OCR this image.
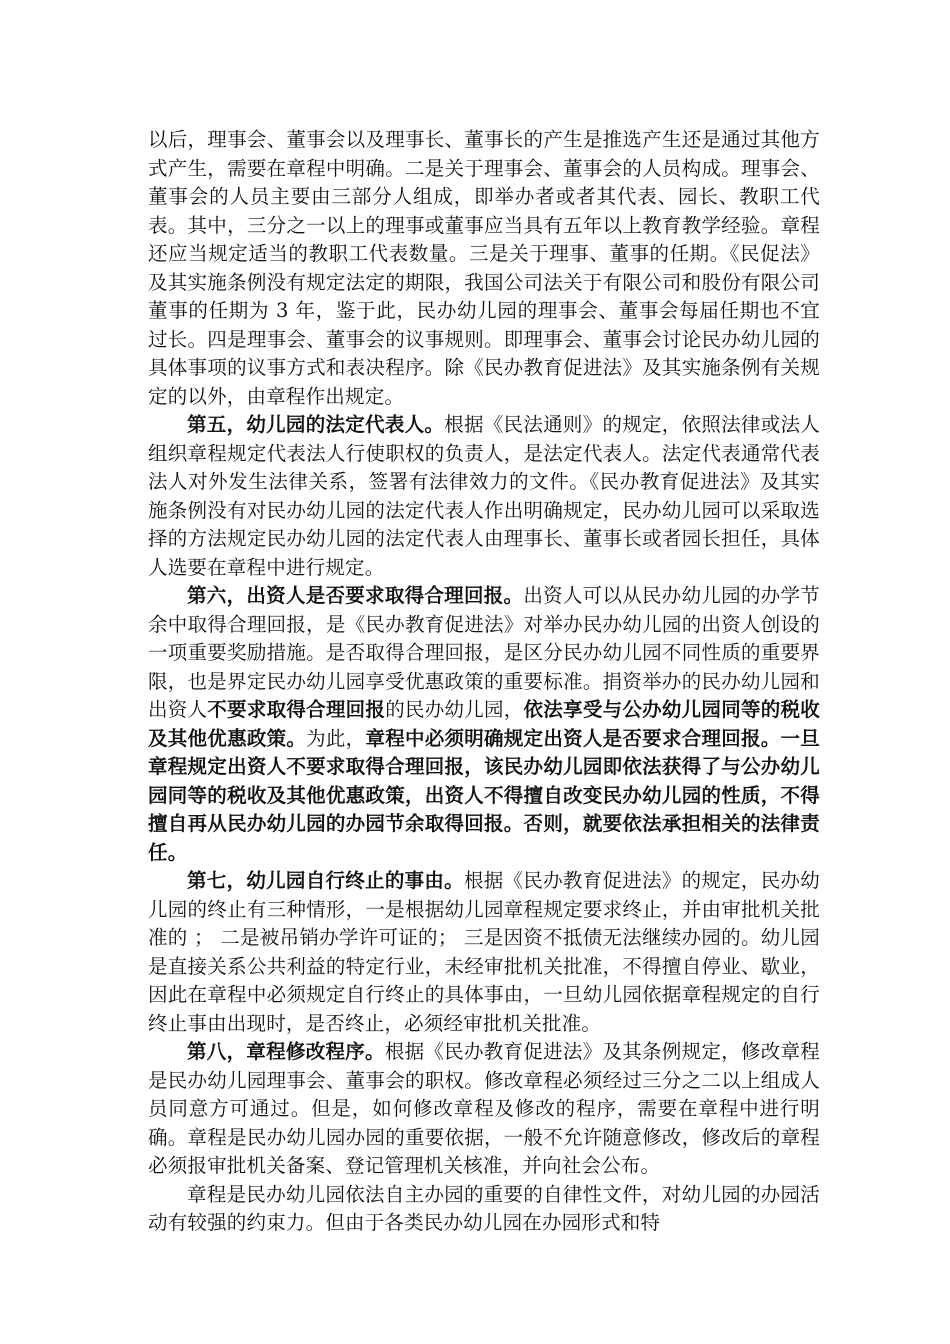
以后，理事会、董事会以及理事长、董事长的产生是推选产生还是通过其他方式产生，需要在章程中明确。二是关于理事会、董事会的人员构成。理事会、董事会的人员主要由三部分人组成，即举办者或者其代表、园长、教职工代表。其中，三分之一以上的理事或董事应当具有五年以上教育教学经验。章程还应当规定适当的教职工代表数量。三是关于理事、董事的任期。《民促法》及其实施条例没有规定法定的期限，我国公司法关于有限公司和股份有限公司董事的任期为 3 年，鉴于此，民办幼儿园的理事会、董事会每届任期也不宜过长。四是理事会、董事会的议事规则。即理事会、董事会讨论民办幼儿园的具体事项的议事方式和表决程序。除《民办教育促进法》及其实施条例有关规定的以外，由章程作出规定。

第五，幼儿园的法定代表人。根据《民法通则》的规定，依照法律或法人组织章程规定代表法人行使职权的负责人，是法定代表人。法定代表通常代表法人对外发生法律关系，签署有法律效力的文件。《民办教育促进法》及其实施条例没有对民办幼儿园的法定代表人作出明确规定，民办幼儿园可以采取选择的方法规定民办幼儿园的法定代表人由理事长、董事长或者园长担任，具体人选要在章程中进行规定。

第六，出资人是否要求取得合理回报。出资人可以从民办幼儿园的办学节余中取得合理回报，是《民办教育促进法》对举办民办幼儿园的出资人创设的一项重要奖励措施。是否取得合理回报，是区分民办幼儿园不同性质的重要界限，也是界定民办幼儿园享受优惠政策的重要标准。捐资举办的民办幼儿园和出资人不要求取得合理回报的民办幼儿园，依法享受与公办幼儿园同等的税收及其他优惠政策。为此，章程中必须明确规定出资人是否要求合理回报。一旦章程规定出资人不要求取得合理回报，该民办幼儿园即依法获得了与公办幼儿园同等的税收及其他优惠政策，出资人不得擅自改变民办幼儿园的性质，不得擅自再从民办幼儿园的办园节余取得回报。否则，就要依法承担相关的法律责任。

第七，幼儿园自行终止的事由。根据《民办教育促进法》的规定，民办幼儿园的终止有三种情形，一是根据幼儿园章程规定要求终止，并由审批机关批准的 ； 二是被吊销办学许可证的； 三是因资不抵债无法继续办园的。幼儿园是直接关系公共利益的特定行业，未经审批机关批准，不得擅自停业、歇业，因此在章程中必须规定自行终止的具体事由，一旦幼儿园依据章程规定的自行终止事由出现时，是否终止，必须经审批机关批准。

第八，章程修改程序。根据《民办教育促进法》及其条例规定，修改章程是民办幼儿园理事会、董事会的职权。修改章程必须经过三分之二以上组成人员同意方可通过。但是，如何修改章程及修改的程序，需要在章程中进行明确。章程是民办幼儿园办园的重要依据，一般不允许随意修改，修改后的章程必须报审批机关备案、登记管理机关核准，并向社会公布。

章程是民办幼儿园依法自主办园的重要的自律性文件，对幼儿园的办园活动有较强的约束力。但由于各类民办幼儿园在办园形式和特
